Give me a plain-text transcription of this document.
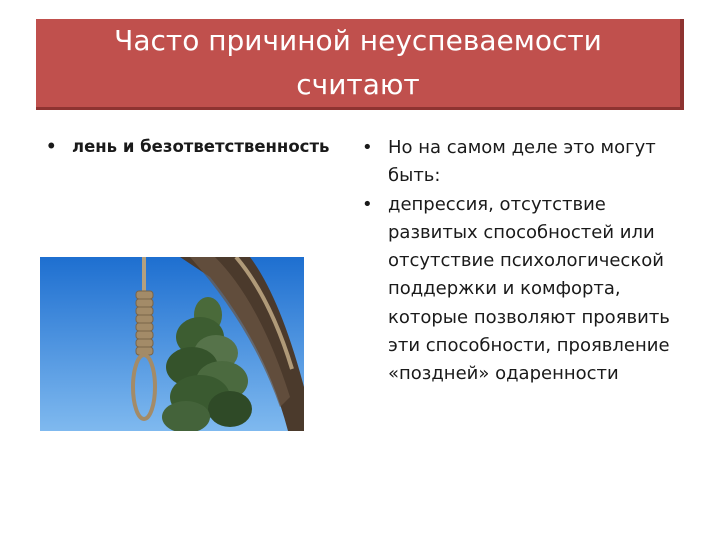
Часто причиной неуспеваемости считают
• лень и безответственность
•	Но на самом деле это могут быть:
• депрессия, отсутствие развитых способностей или отсутствие психологической поддержки и комфорта, которые позволяют проявить эти способности, проявление «поздней» одаренности
